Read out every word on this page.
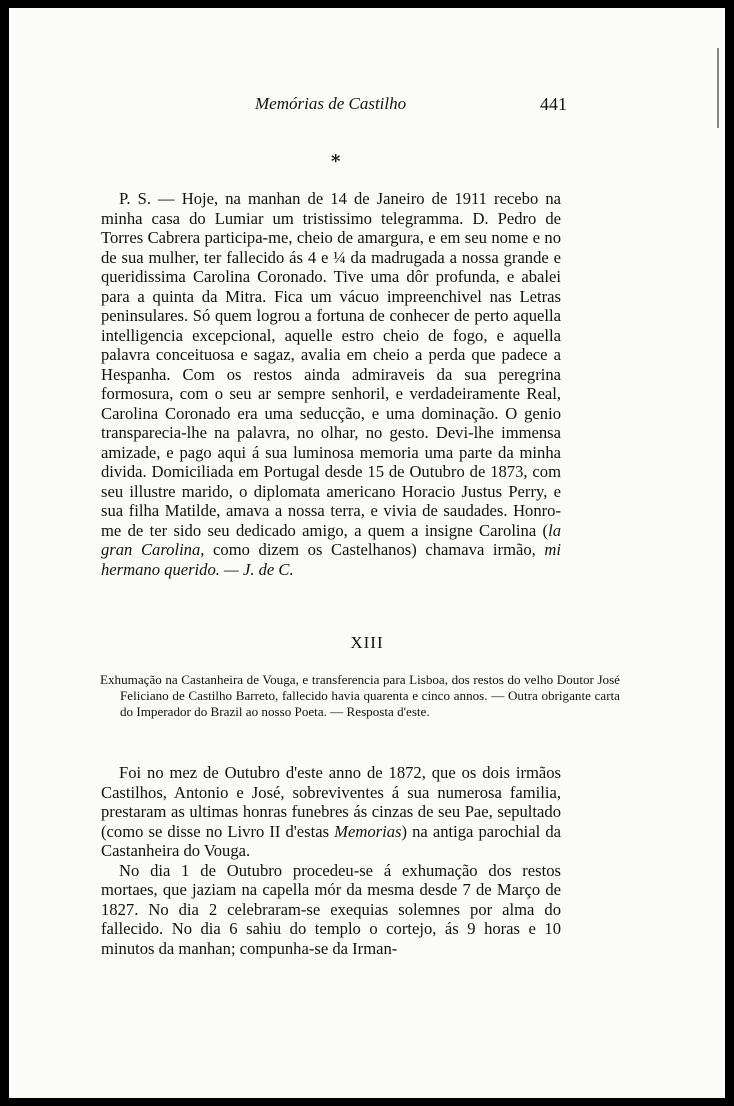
Memórias de Castilho	441
*
P. S. — Hoje, na manhan de 14 de Janeiro de 1911 recebo na minha casa do Lumiar um tristissimo telegramma. D. Pedro de Torres Cabrera participa-me, cheio de amargura, e em seu nome e no de sua mulher, ter fallecido ás 4 e ¼ da madrugada a nossa grande e queridissima Carolina Coronado. Tive uma dôr profunda, e abalei para a quinta da Mitra. Fica um vácuo impreenchivel nas Letras peninsulares. Só quem logrou a fortuna de conhecer de perto aquella intelligencia excepcional, aquelle estro cheio de fogo, e aquella palavra conceituosa e sagaz, avalia em cheio a perda que padece a Hespanha. Com os restos ainda admiraveis da sua peregrina formosura, com o seu ar sempre senhoril, e verdadeiramente Real, Carolina Coronado era uma seducção, e uma dominação. O genio transparecia-lhe na palavra, no olhar, no gesto. Devi-lhe immensa amizade, e pago aqui á sua luminosa memoria uma parte da minha divida. Domiciliada em Portugal desde 15 de Outubro de 1873, com seu illustre marido, o diplomata americano Horacio Justus Perry, e sua filha Matilde, amava a nossa terra, e vivia de saudades. Honro-me de ter sido seu dedicado amigo, a quem a insigne Carolina (la gran Carolina, como dizem os Castelhanos) chamava irmão, mi hermano querido. — J. de C.
XIII
Exhumação na Castanheira de Vouga, e transferencia para Lisboa, dos restos do velho Doutor José Feliciano de Castilho Barreto, fallecido havia quarenta e cinco annos. — Outra obrigante carta do Imperador do Brazil ao nosso Poeta. — Resposta d'este.

Foi no mez de Outubro d'este anno de 1872, que os dois irmãos Castilhos, Antonio e José, sobreviventes á sua numerosa familia, prestaram as ultimas honras funebres ás cinzas de seu Pae, sepultado (como se disse no Livro II d'estas Memorias) na antiga parochial da Castanheira do Vouga.

No dia 1 de Outubro procedeu-se á exhumação dos restos mortaes, que jaziam na capella mór da mesma desde 7 de Março de 1827. No dia 2 celebraram-se exequias solemnes por alma do fallecido. No dia 6 sahiu do templo o cortejo, ás 9 horas e 10 minutos da manhan; compunha-se da Irman-
